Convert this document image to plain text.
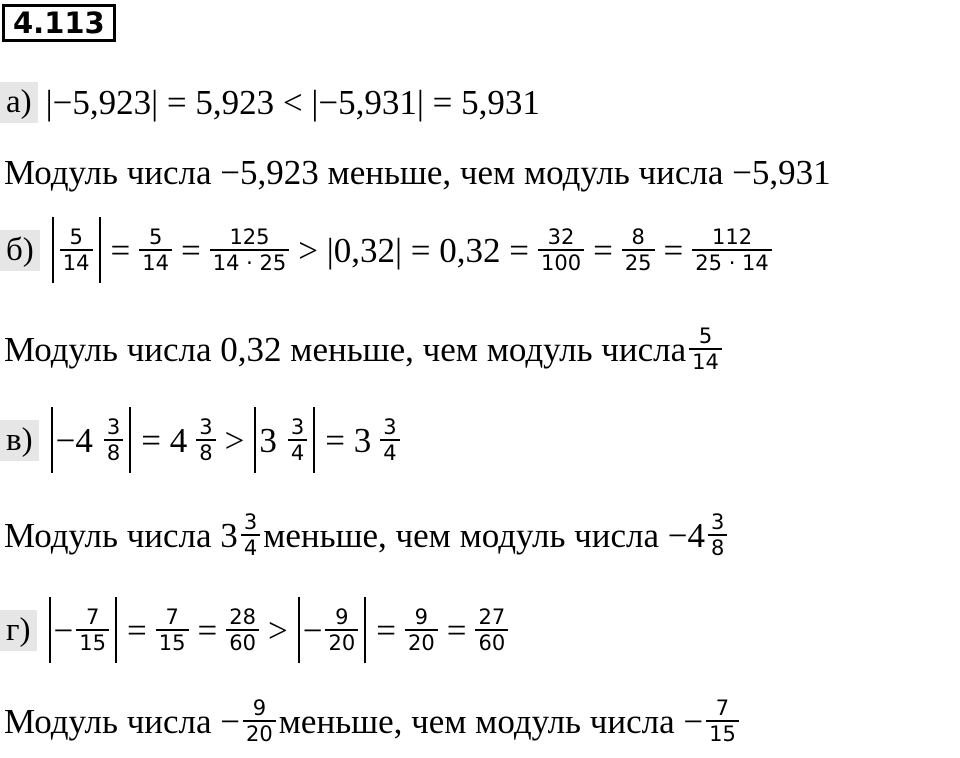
4.113
а) |−5,923| = 5,923 < |−5,931| = 5,931
Модуль числа −5,923 меньше, чем модуль числа −5,931
$б) \frac{5}{14} = \frac{5}{14} = \frac{125}{14 \cdot 25} > |0,32| = 0,32 = \frac{32}{100} = \frac{8}{25} = \frac{112}{25 \cdot 14}$
Модуль числа 0,32 меньше, чем модуль числа $\frac{5}{14}$
$в) -4 \frac{3}{8} = 4 \frac{3}{8} > 3 \frac{3}{4} = 3 \frac{3}{4}$
Модуль числа $3 \frac{3}{4}$ меньше, чем модуль числа $-4 \frac{3}{8}$
$г) - \frac{7}{15} = \frac{7}{15} = \frac{28}{60}$ > − $\frac{9}{20} = \frac{9}{20} = \frac{27}{60}$
Модуль числа − $\frac{9}{20}$ меньше, чем модуль числа − $\frac{7}{15}$
